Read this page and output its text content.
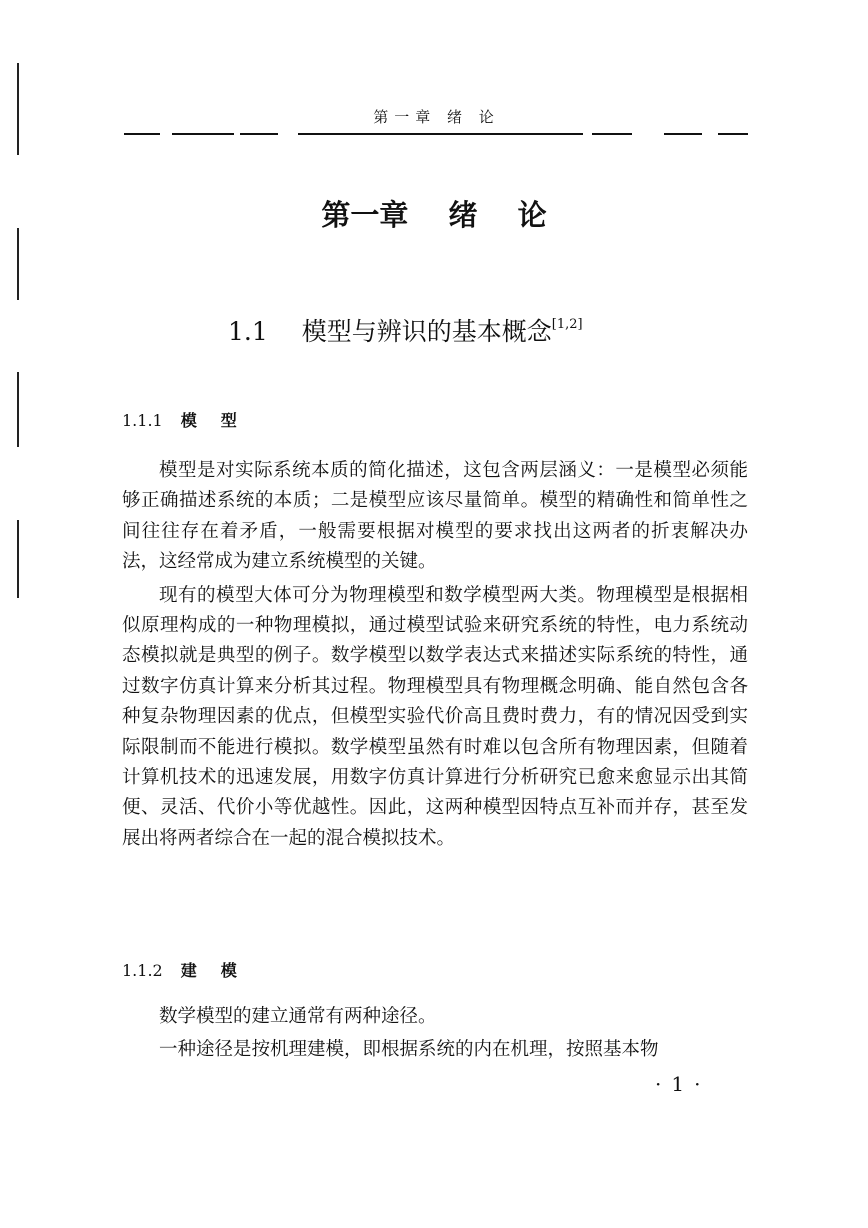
第一章 绪 论
第一章 绪 论
1.1 模型与辨识的基本概念[1,2]
1.1.1 模型

模型是对实际系统本质的简化描述，这包含两层涵义：一是模型必须能够正确描述系统的本质；二是模型应该尽量简单。模型的精确性和简单性之间往往存在着矛盾，一般需要根据对模型的要求找出这两者的折衷解决办法，这经常成为建立系统模型的关键。

现有的模型大体可分为物理模型和数学模型两大类。物理模型是根据相似原理构成的一种物理模拟，通过模型试验来研究系统的特性，电力系统动态模拟就是典型的例子。数学模型以数学表达式来描述实际系统的特性，通过数字仿真计算来分析其过程。物理模型具有物理概念明确、能自然包含各种复杂物理因素的优点，但模型实验代价高且费时费力，有的情况因受到实际限制而不能进行模拟。数学模型虽然有时难以包含所有物理因素，但随着计算机技术的迅速发展，用数字仿真计算进行分析研究已愈来愈显示出其简便、灵活、代价小等优越性。因此，这两种模型因特点互补而并存，甚至发展出将两者综合在一起的混合模拟技术。

1.1.2 建模

数学模型的建立通常有两种途径。

一种途径是按机理建模，即根据系统的内在机理，按照基本物

·1·
